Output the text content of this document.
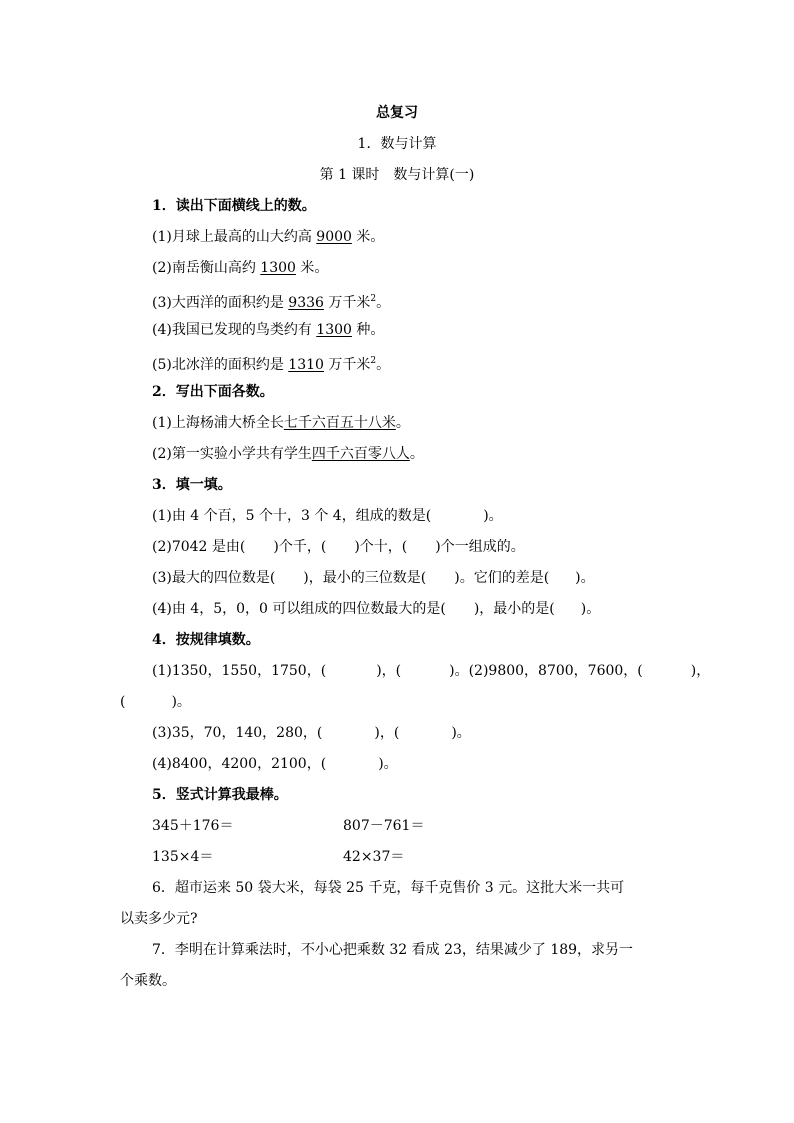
总复习
1．数与计算
第 1 课时　数与计算(一)
1．读出下面横线上的数。
(1)月球上最高的山大约高 9000 米。
(2)南岳衡山高约 1300 米。
(3)大西洋的面积约是 9336 万千米$^2$。
(4)我国已发现的鸟类约有 1300 种。
(5)北冰洋的面积约是 1310 万千米$^2$。
2．写出下面各数。
(1)上海杨浦大桥全长七千六百五十八米。
(2)第一实验小学共有学生四千六百零八人。
3．填一填。
(1)由 4 个百，5 个十，3 个 4，组成的数是(	)。
(2)7042 是由( )个千，( )个十，( )个一组成的。
(3)最大的四位数是( )，最小的三位数是( )。它们的差是( )。
(4)由 4，5，0，0 可以组成的四位数最大的是( )，最小的是( )。
4．按规律填数。
(1)1350，1550，1750，(	)，(	)。(2)9800，8700，7600，(	)，
(	)。
(3)35，70，140，280，(	)，(	)。
(4)8400，4200，2100，(	)。
5．竖式计算我最棒。
345＋176＝	807－761＝
135×4＝	42×37＝
6．超市运来 50 袋大米，每袋 25 千克，每千克售价 3 元。这批大米一共可
以卖多少元?
7．李明在计算乘法时，不小心把乘数 32 看成 23，结果减少了 189，求另一
个乘数。
